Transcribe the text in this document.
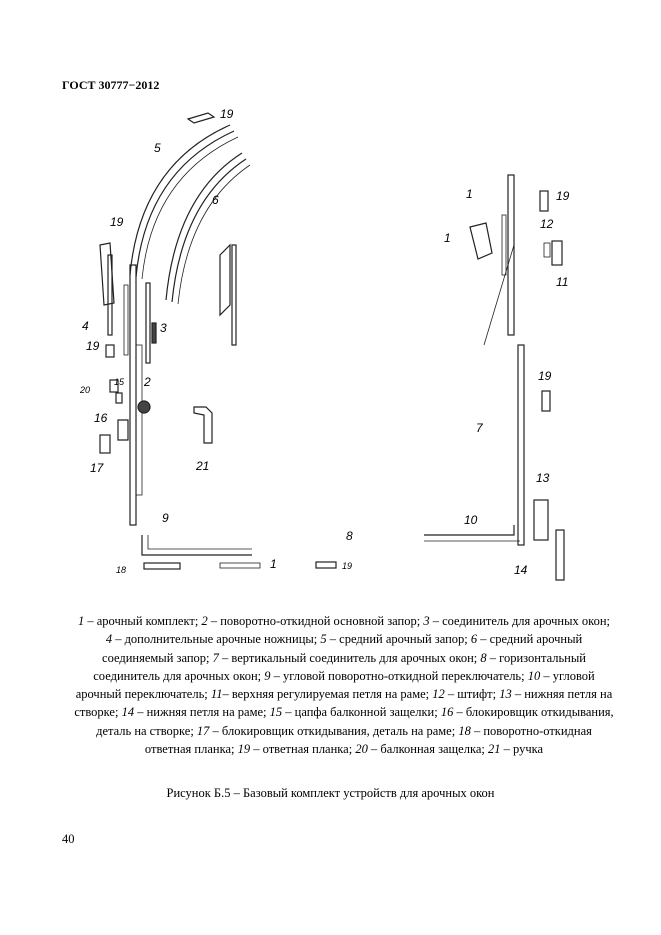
ГОСТ 30777−2012
19
5
6
19
4	3
19
2
20
15
16
17	21
9
18	1	19
8
1	19
1
12
11
19
7
13
10
14
1 – арочный комплект; 2 – поворотно-откидной основной запор; 3 – соединитель для арочных окон; 4 – дополнительные арочные ножницы; 5 – средний арочный запор; 6 – средний арочный соединяемый запор; 7 – вертикальный соединитель для арочных окон; 8 – горизонтальный соединитель для арочных окон; 9 – угловой поворотно-откидной переключатель; 10 – угловой арочный переключатель; 11– верхняя регулируемая петля на раме; 12 – штифт; 13 – нижняя петля на створке; 14 – нижняя петля на раме; 15 – цапфа балконной защелки; 16 – блокировщик откидывания, деталь на створке; 17 – блокировщик откидывания, деталь на раме; 18 – поворотно-откидная ответная планка; 19 – ответная планка; 20 – балконная защелка; 21 – ручка
Рисунок Б.5 – Базовый комплект устройств для арочных окон
40
